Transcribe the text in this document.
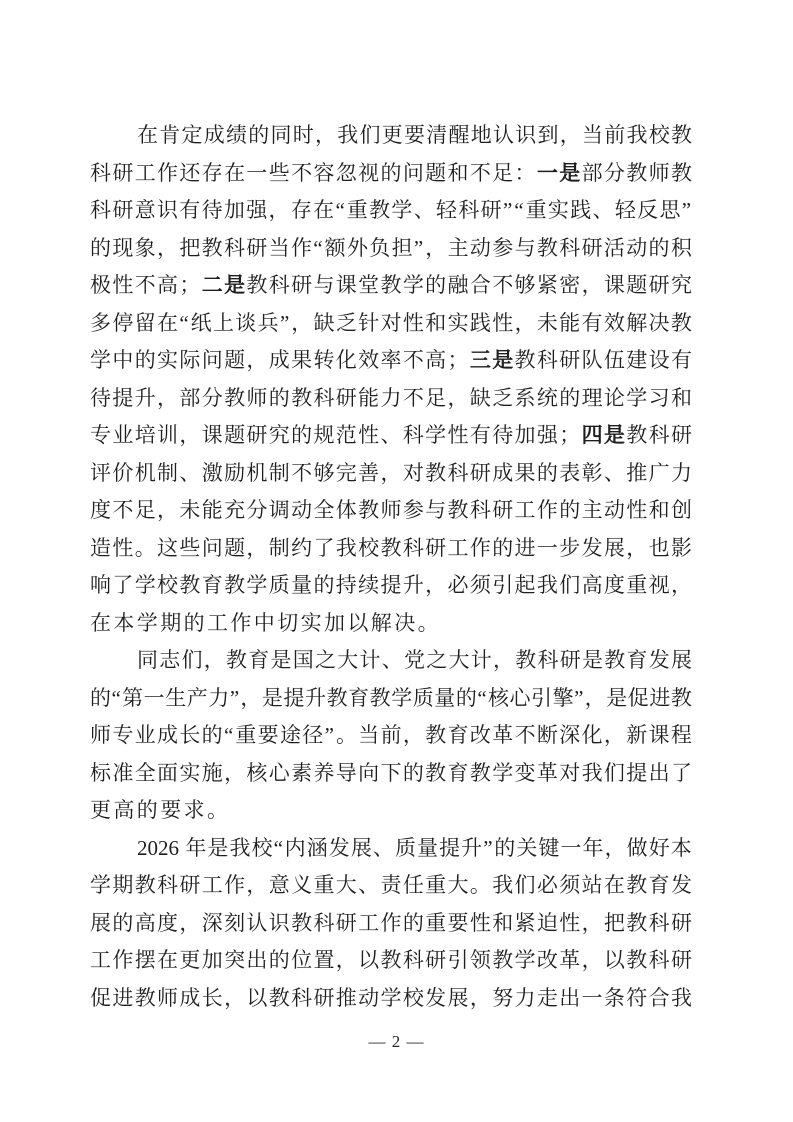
在 肯 定 成 绩 的 同 时 ， 我 们 更 要 清 醒 地 认 识 到 ， 当 前 我 校 教
科 研 工 作 还 存 在 一 些 不 容 忽 视 的 问 题 和 不 足 ： 一 是 部 分 教 师 教
科 研 意 识 有 待 加 强 ， 存 在 “ 重 教 学 、 轻 科 研 ” “ 重 实 践 、 轻 反 思 ”
的 现 象 ， 把 教 科 研 当 作 “ 额 外 负 担 ” ， 主 动 参 与 教 科 研 活 动 的 积
极 性 不 高 ； 二 是 教 科 研 与 课 堂 教 学 的 融 合 不 够 紧 密 ， 课 题 研 究
多 停 留 在 “ 纸 上 谈 兵 ” ， 缺 乏 针 对 性 和 实 践 性 ， 未 能 有 效 解 决 教
学 中 的 实 际 问 题 ， 成 果 转 化 效 率 不 高 ； 三 是 教 科 研 队 伍 建 设 有
待 提 升 ， 部 分 教 师 的 教 科 研 能 力 不 足 ， 缺 乏 系 统 的 理 论 学 习 和
专 业 培 训 ， 课 题 研 究 的 规 范 性 、 科 学 性 有 待 加 强 ； 四 是 教 科 研
评 价 机 制 、 激 励 机 制 不 够 完 善 ， 对 教 科 研 成 果 的 表 彰 、 推 广 力
度 不 足 ， 未 能 充 分 调 动 全 体 教 师 参 与 教 科 研 工 作 的 主 动 性 和 创
造 性 。 这 些 问 题 ， 制 约 了 我 校 教 科 研 工 作 的 进 一 步 发 展 ， 也 影
响 了 学 校 教 育 教 学 质 量 的 持 续 提 升 ， 必 须 引 起 我 们 高 度 重 视 ，
在本学期的工作中切实加以解决。
同 志 们 ， 教 育 是 国 之 大 计 、 党 之 大 计 ， 教 科 研 是 教 育 发 展
的 “ 第 一 生 产 力 ” ， 是 提 升 教 育 教 学 质 量 的 “ 核 心 引 擎 ” ， 是 促 进 教
师 专 业 成 长 的 “ 重 要 途 径 ” 。 当 前 ， 教 育 改 革 不 断 深 化 ， 新 课 程
标 准 全 面 实 施 ， 核 心 素 养 导 向 下 的 教 育 教 学 变 革 对 我 们 提 出 了
更高的要求。
2026 年 是 我 校 “ 内 涵 发 展 、 质 量 提 升 ” 的 关 键 一 年 ， 做 好 本
学 期 教 科 研 工 作 ， 意 义 重 大 、 责 任 重 大 。 我 们 必 须 站 在 教 育 发
展 的 高 度 ， 深 刻 认 识 教 科 研 工 作 的 重 要 性 和 紧 迫 性 ， 把 教 科 研
工 作 摆 在 更 加 突 出 的 位 置 ， 以 教 科 研 引 领 教 学 改 革 ， 以 教 科 研
促 进 教 师 成 长 ， 以 教 科 研 推 动 学 校 发 展 ， 努 力 走 出 一 条 符 合 我
— 2 —
